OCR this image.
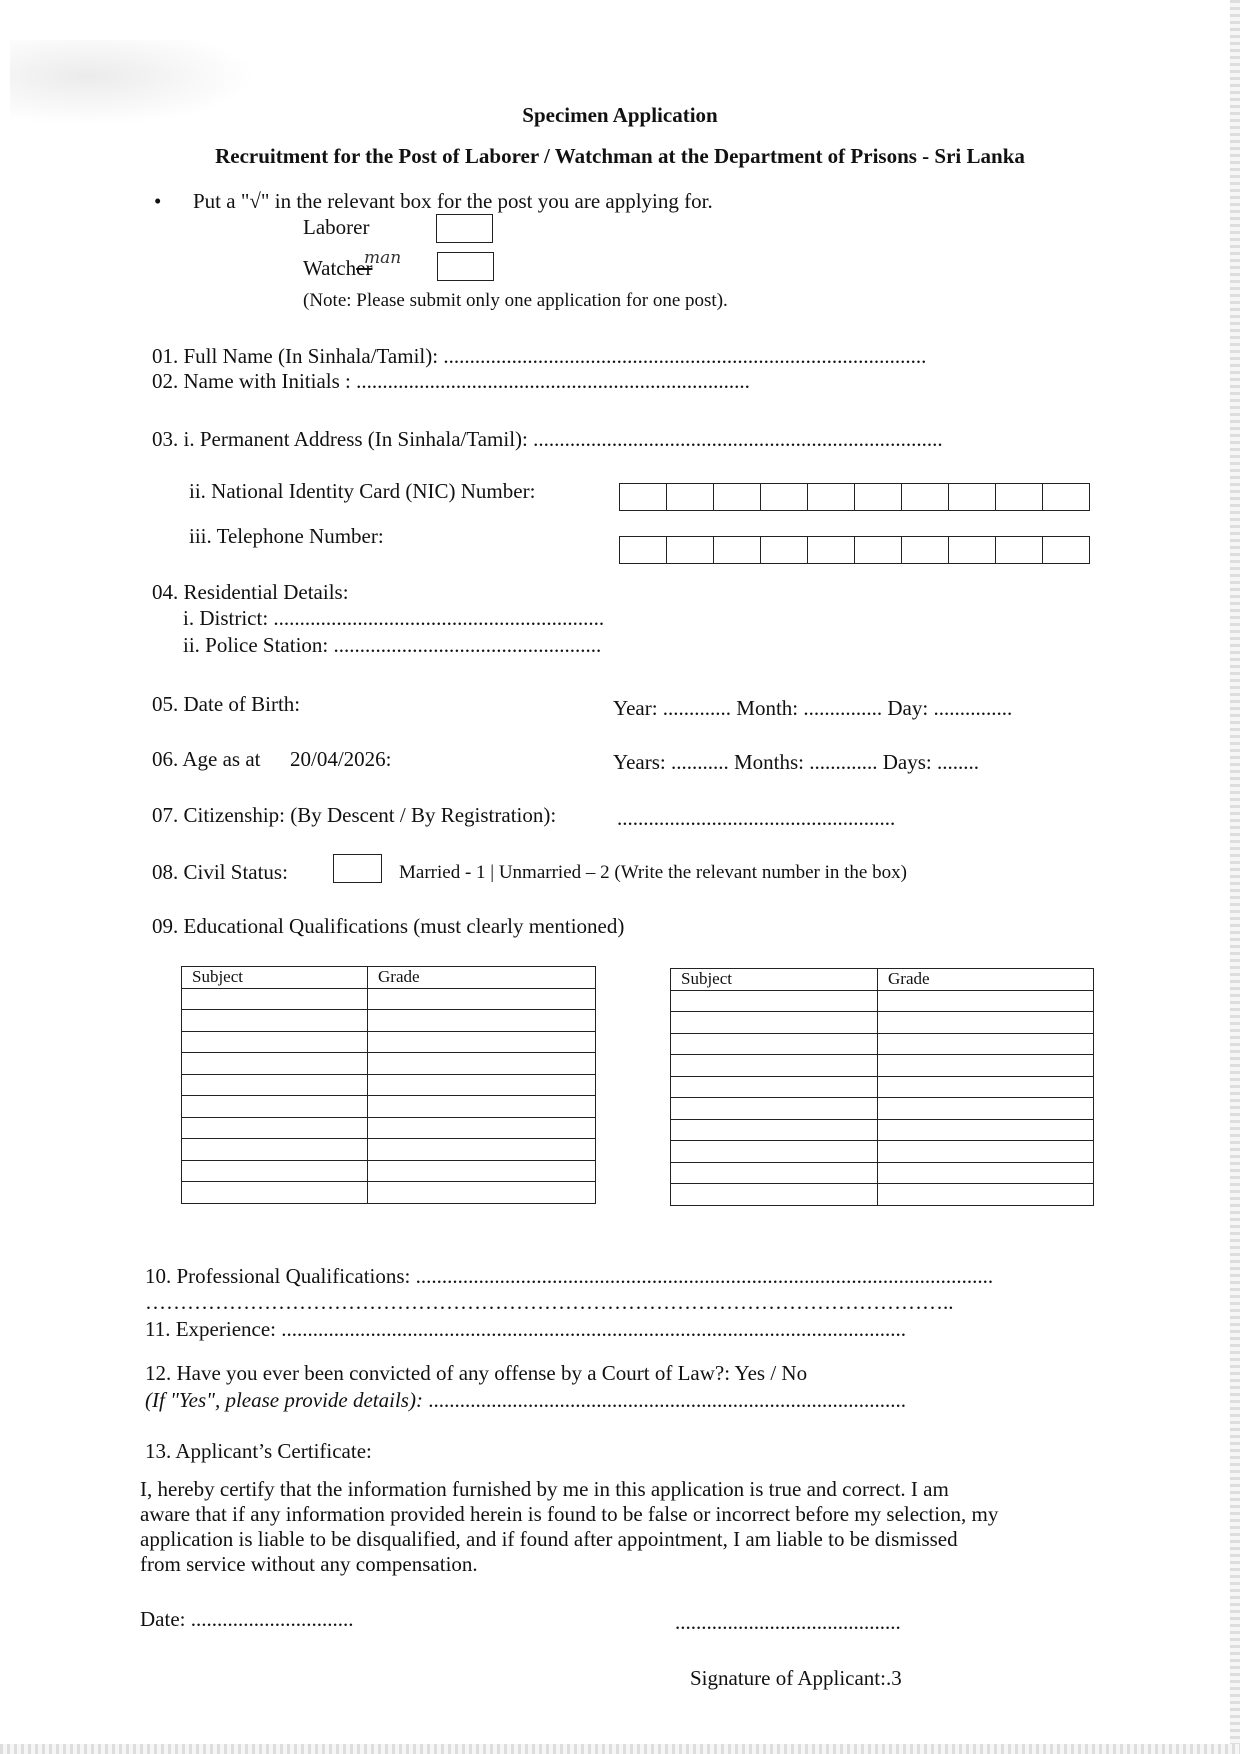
Specimen Application
Recruitment for the Post of Laborer / Watchman at the Department of Prisons - Sri Lanka
• Put a "√" in the relevant box for the post you are applying for.
Laborer
Watcher
man
(Note: Please submit only one application for one post).
01. Full Name (In Sinhala/Tamil): ............................................................................................
02. Name with Initials : ...........................................................................
03. i. Permanent Address (In Sinhala/Tamil): ..............................................................................
ii. National Identity Card (NIC) Number:
iii. Telephone Number:
04. Residential Details:
i. District: ...............................................................
ii. Police Station: ...................................................
05. Date of Birth:	Year: ............. Month: ............... Day: ...............
06. Age as at 20/04/2026:	Years: ........... Months: ............. Days: ........
07. Citizenship: (By Descent / By Registration):	.....................................................
08. Civil Status:	Married - 1 | Unmarried – 2 (Write the relevant number in the box)
09. Educational Qualifications (must clearly mentioned)
Subject	Grade

		Subject	Grade

10. Professional Qualifications: ..............................................................................................................
……………………………………………………………………………………………………..
11. Experience: .......................................................................................................................
12. Have you ever been convicted of any offense by a Court of Law?: Yes / No
(If "Yes", please provide details): ...........................................................................................
13. Applicant’s Certificate:
I, hereby certify that the information furnished by me in this application is true and correct. I am
aware that if any information provided herein is found to be false or incorrect before my selection, my
application is liable to be disqualified, and if found after appointment, I am liable to be dismissed
from service without any compensation.
Date: ...............................	...........................................
Signature of Applicant:.3
